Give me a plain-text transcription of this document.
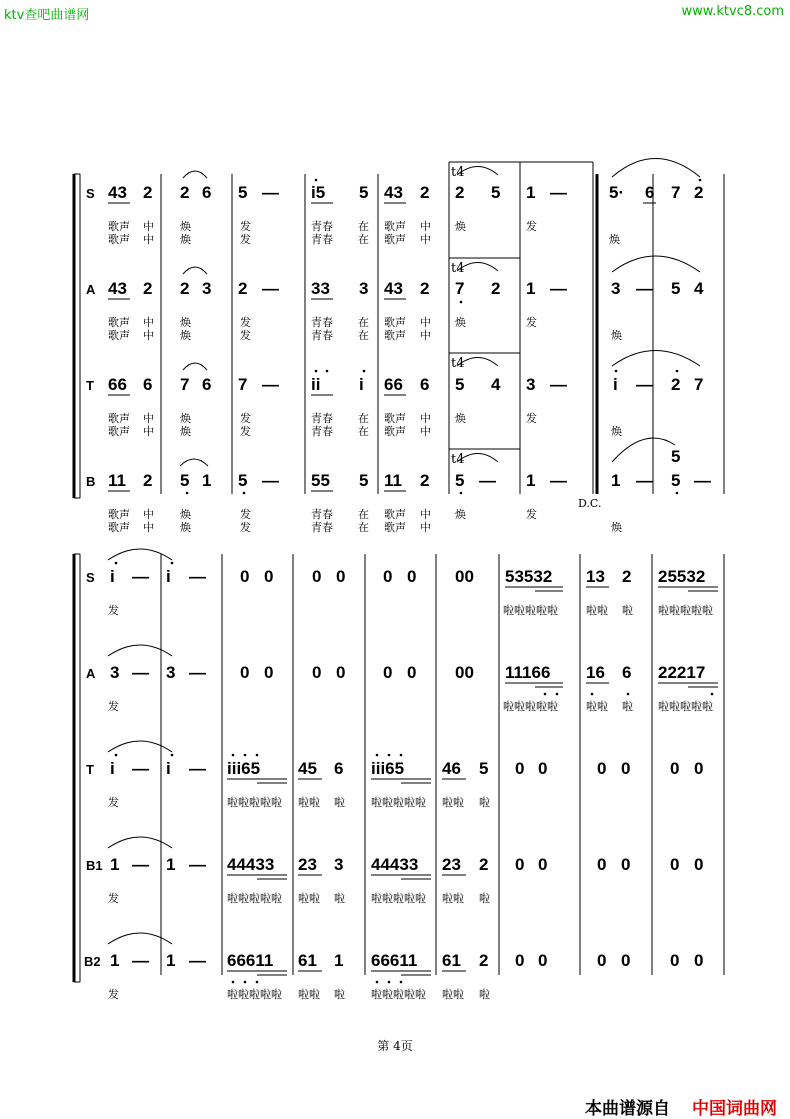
ktv查吧曲谱网	www.ktvc8.com
S 43 2 2 6 5 — i5 5 43 2 2 5 1 — 5· 6 7 2
t4
歌声 中 焕	发	青春 在 歌声 中 焕	发
焕
歌声 中 焕	发	青春 在 歌声 中
A 43 2 2 3 2 — 33 3 43 2 7 2 1 —	3 — 5 4
t4
歌声 中 焕	发	青春 在 歌声 中 焕	发
焕
歌声 中 焕	发	青春 在 歌声 中
T 66 6 7 6 7 — ii i 66 6 5 4 3 —	i — 2 7
t4
歌声 中 焕	发	青春 在 歌声 中 焕	发
焕
歌声 中 焕	发	青春 在 歌声 中
B 11 2 5 1 5 — 55 5 11 2 5 — 1 —	1 — 5 —
5
t4
D.C.
歌声 中 焕	发	青春 在 歌声 中 焕	发
焕
歌声 中 焕	发	青春 在 歌声 中
S i — i — 0 0 0 0 0 0 00 53532 13 2 25532
发	啦啦啦啦啦	啦啦 啦 啦啦啦啦啦
A 3 — 3 — 0 0 0 0 0 0 00 11166 16 6 22217
发	啦啦啦啦啦	啦啦 啦 啦啦啦啦啦
T i — i — iii65 45 6 iii65 46 5 0 0	0 0 0 0
发	啦啦啦啦啦 啦啦 啦 啦啦啦啦啦 啦啦 啦
B1 1 — 1 — 44433 23 3 44433 23 2 0 0	0 0 0 0
发	啦啦啦啦啦 啦啦 啦 啦啦啦啦啦 啦啦 啦
B2 1 — 1 — 66611 61 1 66611 61 2 0 0	0 0 0 0
发	啦啦啦啦啦 啦啦 啦 啦啦啦啦啦 啦啦 啦
第 4页
本曲谱源自 中国词曲网
